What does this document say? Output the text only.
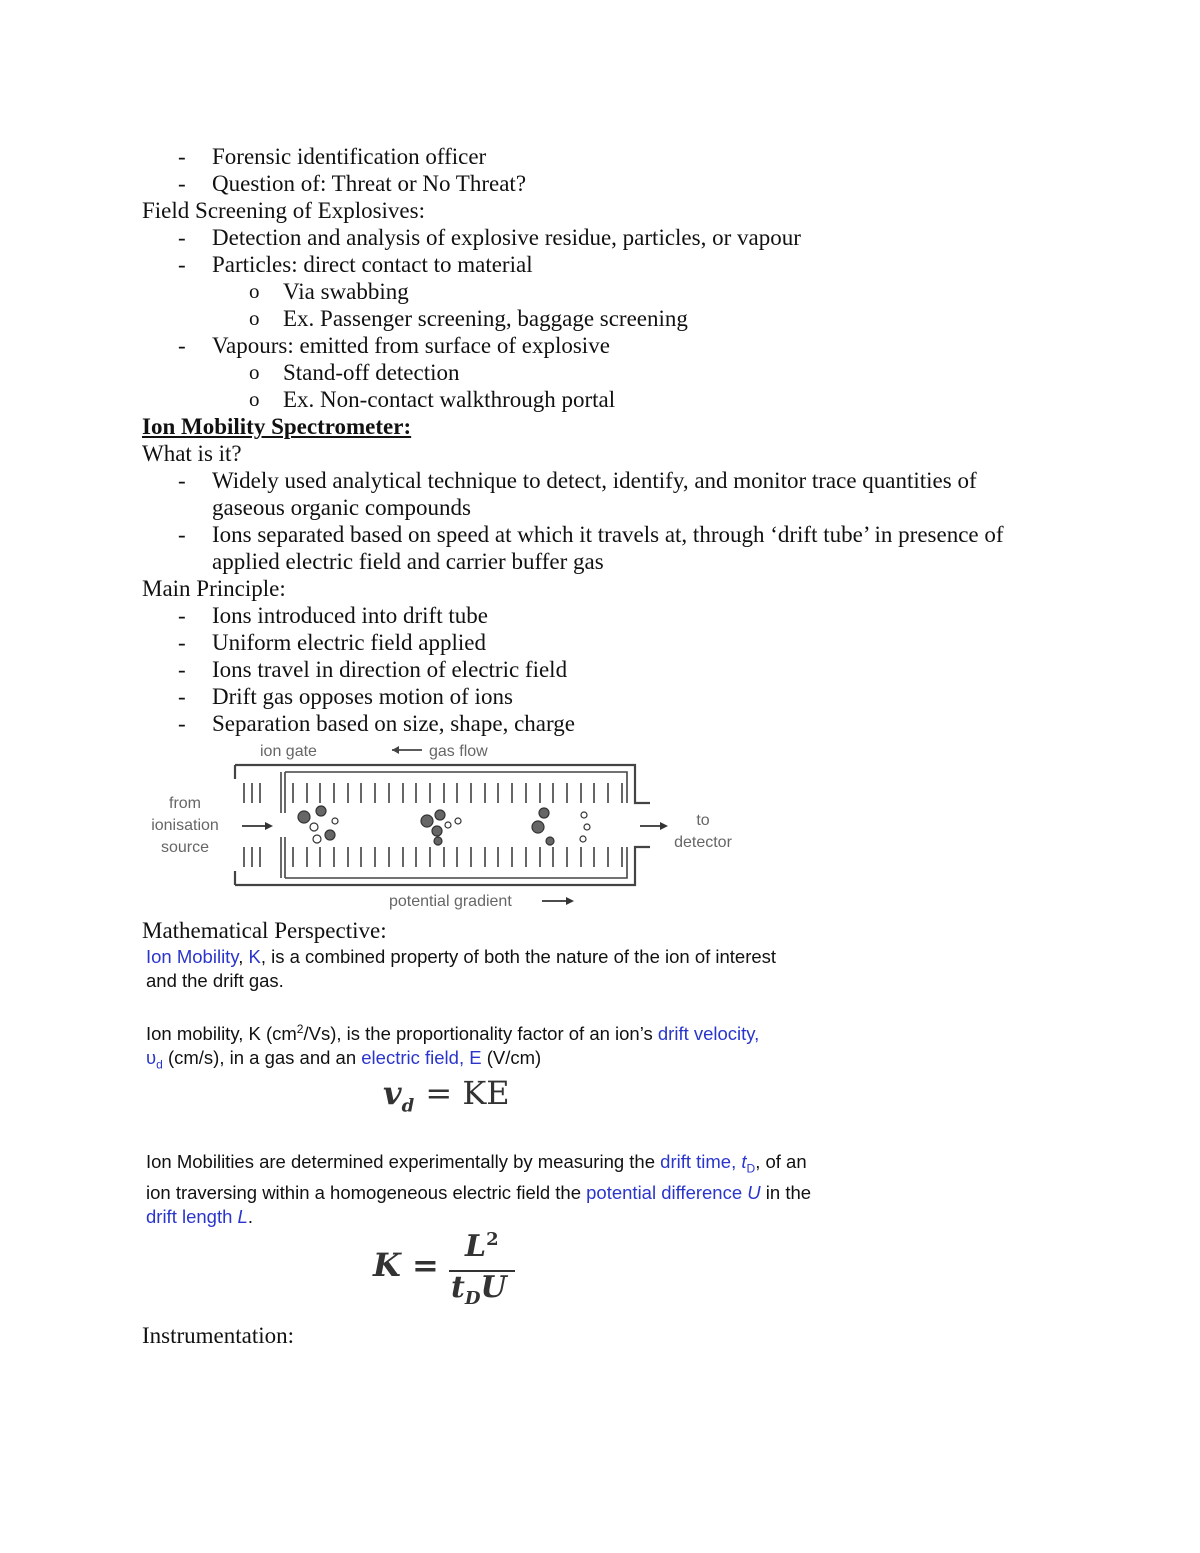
-	Forensic identification officer
-	Question of: Threat or No Threat?
Field Screening of Explosives:
-	Detection and analysis of explosive residue, particles, or vapour
-	Particles: direct contact to material
o	Via swabbing
o	Ex. Passenger screening, baggage screening
-	Vapours: emitted from surface of explosive
o	Stand-off detection
o	Ex. Non-contact walkthrough portal
Ion Mobility Spectrometer:
What is it?
-	Widely used analytical technique to detect, identify, and monitor trace quantities of gaseous organic compounds
-	Ions separated based on speed at which it travels at, through ‘drift tube’ in presence of applied electric field and carrier buffer gas
Main Principle:
-	Ions introduced into drift tube
-	Uniform electric field applied
-	Ions travel in direction of electric field
-	Drift gas opposes motion of ions
-	Separation based on size, shape, charge
ion gate	gas flow
from
ionisation
source
to
detector
potential gradient
Mathematical Perspective:
Ion Mobility, K, is a combined property of both the nature of the ion of interest and the drift gas.
Ion mobility, K $(cm^2/Vs)$, is the proportionality factor of an ion’s drift velocity,
$\upsilon_d$ (cm/s), in a gas and an electric field, E (V/cm)
$v_d$ = KE
Ion Mobilities are determined experimentally by measuring the drift time, $t_D$, of an ion traversing within a homogeneous electric field the potential difference U in the drift length L.
$K = L^2$
$t_DU$
Instrumentation:
